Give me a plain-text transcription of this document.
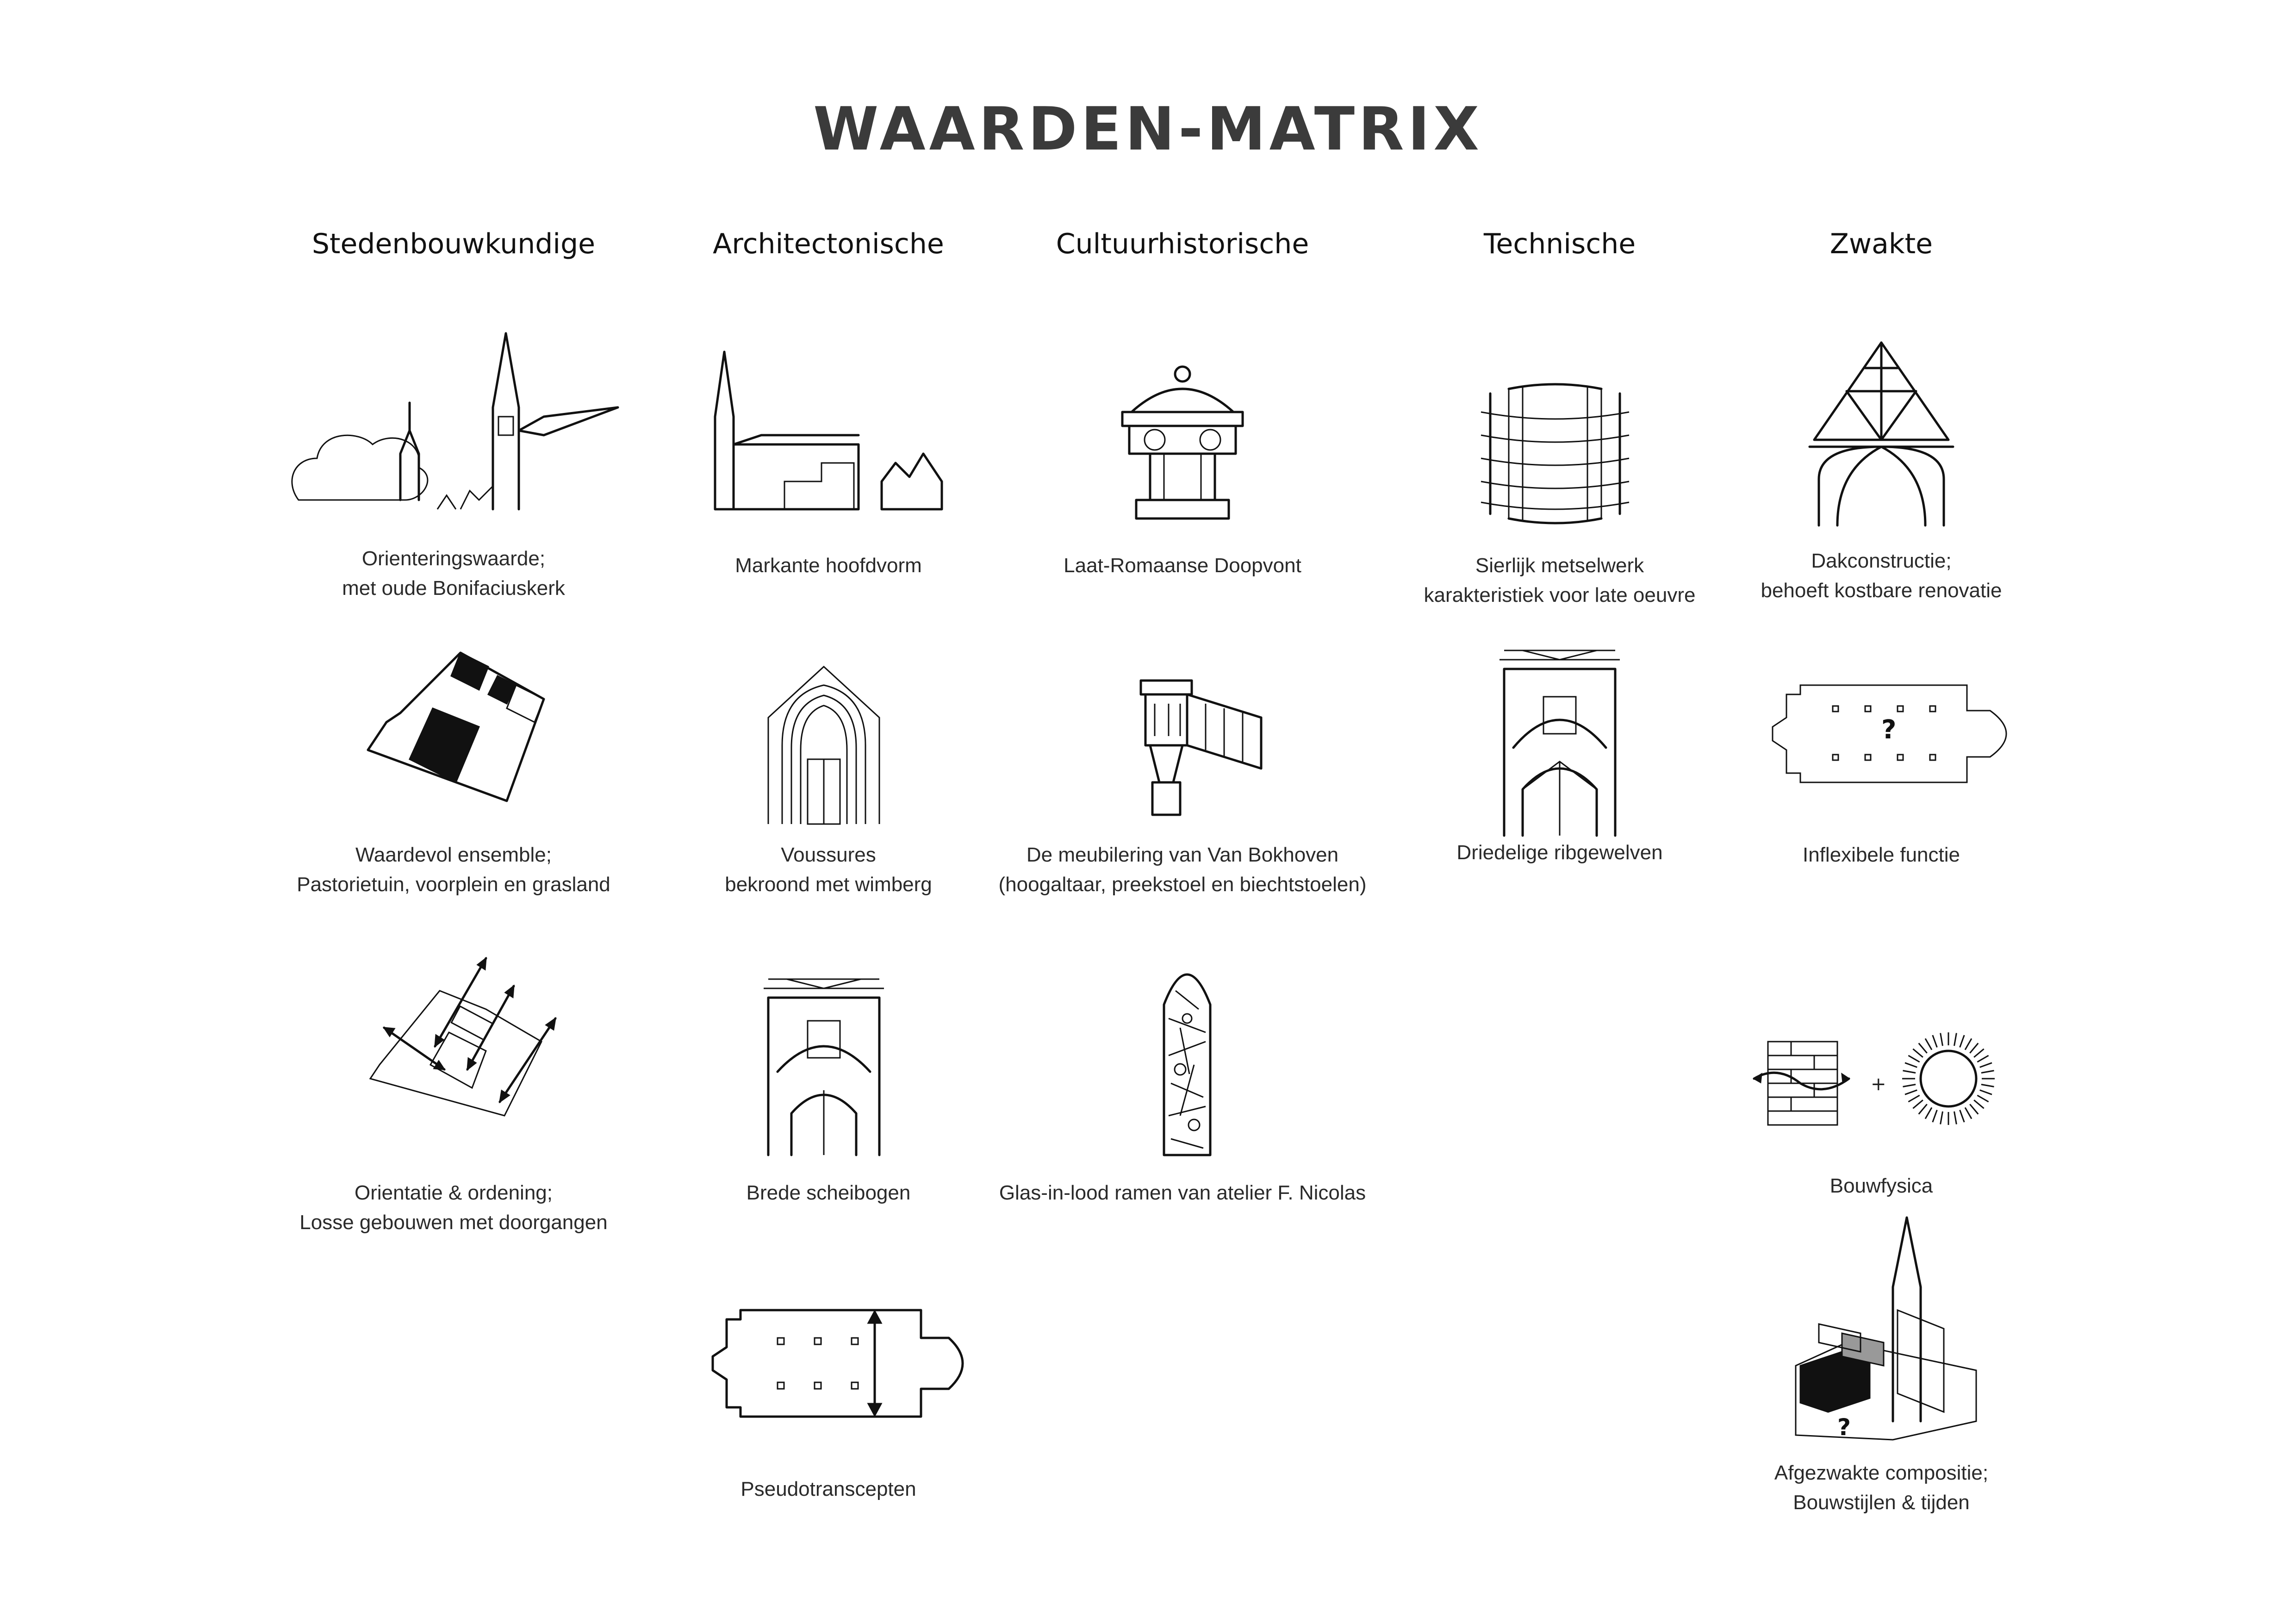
WAARDEN-MATRIX
Stedenbouwkundige	Architectonische	Cultuurhistorische	Technische	Zwakte
Orienteringswaarde;
met oude Bonifaciuskerk
Waardevol ensemble;
Pastorietuin, voorplein en grasland
Orientatie & ordening;
Losse gebouwen met doorgangen
Markante hoofdvorm
Voussures
bekroond met wimberg
Brede scheibogen
Pseudotranscepten
Laat-Romaanse Doopvont
De meubilering van Van Bokhoven
(hoogaltaar, preekstoel en biechtstoelen)
Glas-in-lood ramen van atelier F. Nicolas
Sierlijk metselwerk
karakteristiek voor late oeuvre
Driedelige ribgewelven
Dakconstructie;
behoeft kostbare renovatie
?
Inflexibele functie
+
Bouwfysica
?
Afgezwakte compositie;
Bouwstijlen & tijden
